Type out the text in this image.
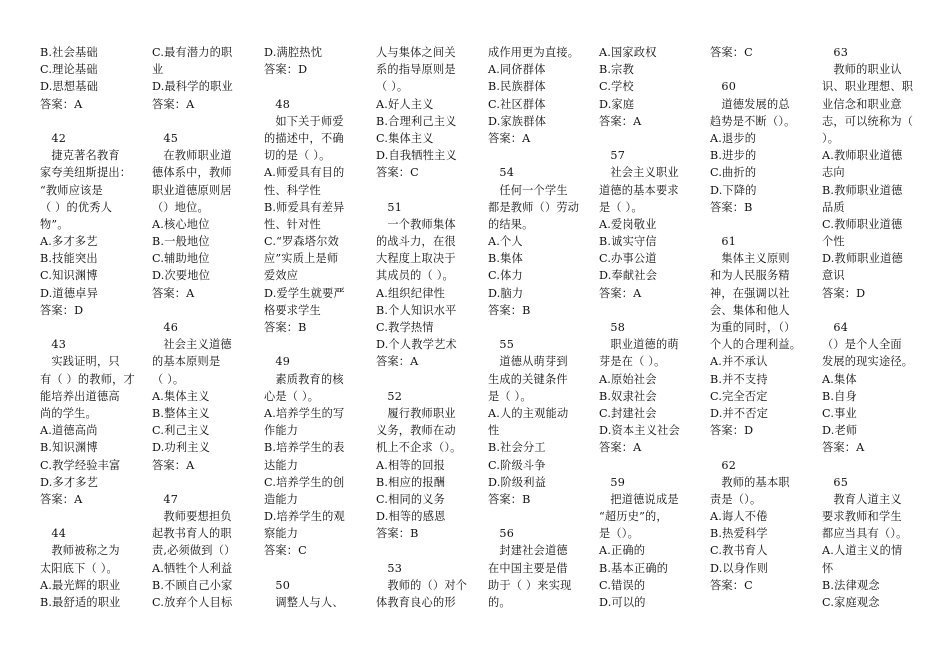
B.社会基础
C.理论基础
D.思想基础
答案：A
　42
　捷克著名教育
家夸美纽斯提出：
“教师应该是
（ ）的优秀人
物”。
A.多才多艺
B.技能突出
C.知识渊博
D.道德卓异
答案：D
　43
　实践证明，只
有（ ）的教师，才
能培养出道德高
尚的学生。
A.道德高尚
B.知识渊博
C.教学经验丰富
D.多才多艺
答案：A
　44
　教师被称之为
太阳底下（ ）。
A.最光辉的职业
B.最舒适的职业
C.最有潜力的职
业
D.最科学的职业
答案：A
　45
　在教师职业道
德体系中，教师
职业道德原则居
（）地位。
A.核心地位
B.一般地位
C.辅助地位
D.次要地位
答案：A
　46
　社会主义道德
的基本原则是
（ ）。
A.集体主义
B.整体主义
C.利己主义
D.功利主义
答案：A
　47
　教师要想担负
起教书育人的职
责,必须做到（）
A.牺牲个人利益
B.不顾自己小家
C.放弃个人目标
D.满腔热忱
答案：D
　48
　如下关于师爱
的描述中，不确
切的是（ ）。
A.师爱具有目的
性、科学性
B.师爱具有差异
性、针对性
C.“罗森塔尔效
应”实质上是师
爱效应
D.爱学生就要严
格要求学生
答案：B
　49
　素质教育的核
心是（ ）。
A.培养学生的写
作能力
B.培养学生的表
达能力
C.培养学生的创
造能力
D.培养学生的观
察能力
答案：C
　50
　调整人与人、
人与集体之间关
系的指导原则是
（ ）。
A.好人主义
B.合理利己主义
C.集体主义
D.自我牺牲主义
答案：C
　51
　一个教师集体
的战斗力，在很
大程度上取决于
其成员的（ ）。
A.组织纪律性
B.个人知识水平
C.教学热情
D.个人教学艺术
答案：A
　52
　履行教师职业
义务，教师在动
机上不企求（）。
A.相等的回报
B.相应的报酬
C.相同的义务
D.相等的感恩
答案：B
　53
　教师的（）对个
体教育良心的形
成作用更为直接。
A.同侪群体
B.民族群体
C.社区群体
D.家族群体
答案：A
　54
　任何一个学生
都是教师（）劳动
的结果。
A.个人
B.集体
C.体力
D.脑力
答案：B
　55
　道德从萌芽到
生成的关键条件
是（ ）。
A.人的主观能动
性
B.社会分工
C.阶级斗争
D.阶级利益
答案：B
　56
　封建社会道德
在中国主要是借
助于（ ）来实现
的。
A.国家政权
B.宗教
C.学校
D.家庭
答案：A
　57
　社会主义职业
道德的基本要求
是（ ）。
A.爱岗敬业
B.诚实守信
C.办事公道
D.奉献社会
答案：A
　58
　职业道德的萌
芽是在（ ）。
A.原始社会
B.奴隶社会
C.封建社会
D.资本主义社会
答案：A
　59
　把道德说成是
“超历史”的，
是（）。
A.正确的
B.基本正确的
C.错误的
D.可以的
答案：C
　60
　道德发展的总
趋势是不断（）。
A.退步的
B.进步的
C.曲折的
D.下降的
答案：B
　61
　集体主义原则
和为人民服务精
神，在强调以社
会、集体和他人
为重的同时，（）
个人的合理利益。
A.并不承认
B.并不支持
C.完全否定
D.并不否定
答案：D
　62
　教师的基本职
责是（）。
A.诲人不倦
B.热爱科学
C.教书育人
D.以身作则
答案：C
　63
　教师的职业认
识、职业理想、职
业信念和职业意
志，可以统称为（
）。
A.教师职业道德
志向
B.教师职业道德
品质
C.教师职业道德
个性
D.教师职业道德
意识
答案：D
　64
（）是个人全面
发展的现实途径。
A.集体
B.自身
C.事业
D.老师
答案：A
　65
　教育人道主义
要求教师和学生
都应当具有（）。
A.人道主义的情
怀
B.法律观念
C.家庭观念
